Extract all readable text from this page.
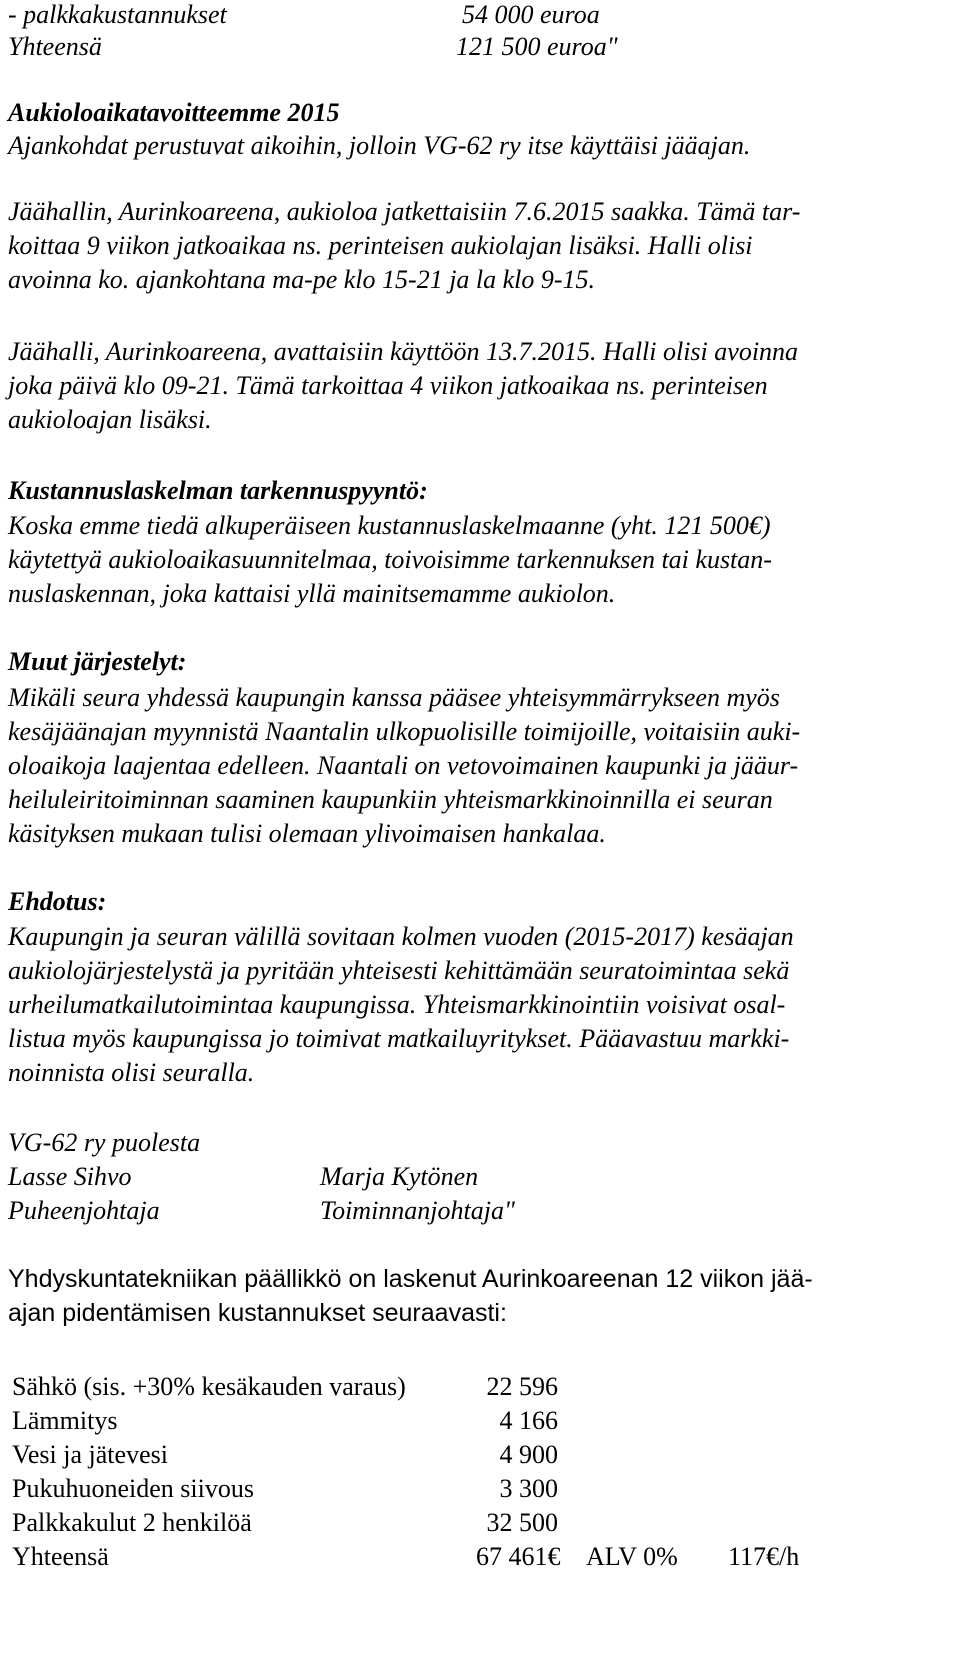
- palkkakustannukset	54 000 euroa
Yhteensä	121 500 euroa"
Aukioloaikatavoitteemme 2015
Ajankohdat perustuvat aikoihin, jolloin VG-62 ry itse käyttäisi jääajan.
Jäähallin, Aurinkoareena, aukioloa jatkettaisiin 7.6.2015 saakka. Tämä tar-
koittaa 9 viikon jatkoaikaa ns. perinteisen aukiolajan lisäksi. Halli olisi
avoinna ko. ajankohtana ma-pe klo 15-21 ja la klo 9-15.
Jäähalli, Aurinkoareena, avattaisiin käyttöön 13.7.2015. Halli olisi avoinna
joka päivä klo 09-21. Tämä tarkoittaa 4 viikon jatkoaikaa ns. perinteisen
aukioloajan lisäksi.
Kustannuslaskelman tarkennuspyyntö:
Koska emme tiedä alkuperäiseen kustannuslaskelmaanne (yht. 121 500€)
käytettyä aukioloaikasuunnitelmaa, toivoisimme tarkennuksen tai kustan-
nuslaskennan, joka kattaisi yllä mainitsemamme aukiolon.
Muut järjestelyt:
Mikäli seura yhdessä kaupungin kanssa pääsee yhteisymmärrykseen myös
kesäjäänajan myynnistä Naantalin ulkopuolisille toimijoille, voitaisiin auki-
oloaikoja laajentaa edelleen. Naantali on vetovoimainen kaupunki ja jääur-
heiluleiritoiminnan saaminen kaupunkiin yhteismarkkinoinnilla ei seuran
käsityksen mukaan tulisi olemaan ylivoimaisen hankalaa.
Ehdotus:
Kaupungin ja seuran välillä sovitaan kolmen vuoden (2015-2017) kesäajan
aukiolojärjestelystä ja pyritään yhteisesti kehittämään seuratoimintaa sekä
urheilumatkailutoimintaa kaupungissa. Yhteismarkkinointiin voisivat osal-
listua myös kaupungissa jo toimivat matkailuyritykset. Pääavastuu markki-
noinnista olisi seuralla.
VG-62 ry puolesta
Lasse Sihvo	Marja Kytönen
Puheenjohtaja	Toiminnanjohtaja"
Yhdyskuntatekniikan päällikkö on laskenut Aurinkoareenan 12 viikon jää-
ajan pidentämisen kustannukset seuraavasti:
Sähkö (sis. +30% kesäkauden varaus)	22 596
Lämmitys	4 166
Vesi ja jätevesi	4 900
Pukuhuoneiden siivous	3 300
Palkkakulut 2 henkilöä	32 500
Yhteensä	67 461€ ALV 0% 117€/h
